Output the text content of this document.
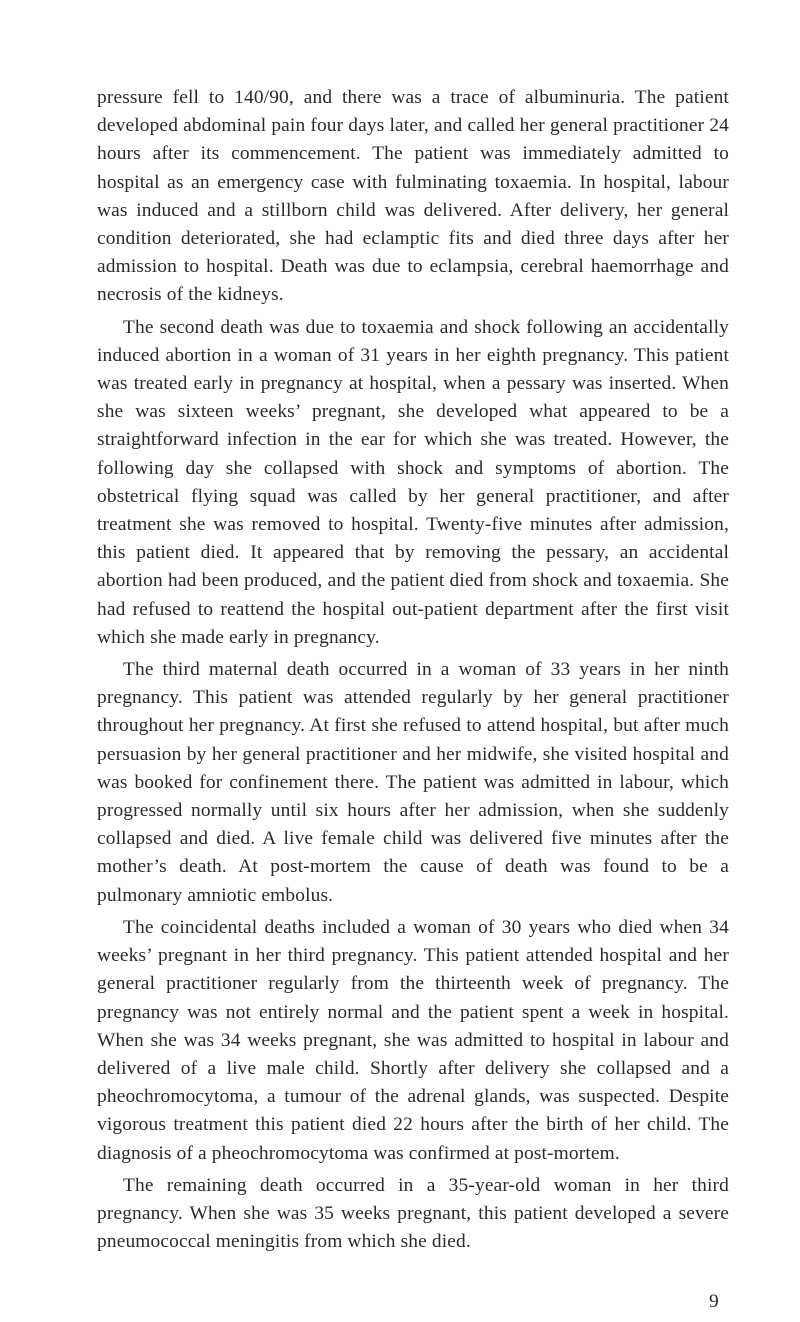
pressure fell to 140/90, and there was a trace of albuminuria. The patient developed abdominal pain four days later, and called her general practitioner 24 hours after its commencement. The patient was immediately admitted to hospital as an emergency case with fulminating toxaemia. In hospital, labour was induced and a stillborn child was delivered. After delivery, her general condition deteriorated, she had eclamptic fits and died three days after her admission to hospital. Death was due to eclampsia, cerebral haemorrhage and necrosis of the kidneys.

The second death was due to toxaemia and shock following an accidentally induced abortion in a woman of 31 years in her eighth pregnancy. This patient was treated early in pregnancy at hospital, when a pessary was inserted. When she was sixteen weeks’ pregnant, she developed what appeared to be a straightforward infection in the ear for which she was treated. However, the following day she collapsed with shock and symptoms of abortion. The obstetrical flying squad was called by her general practitioner, and after treatment she was removed to hospital. Twenty-five minutes after admission, this patient died. It appeared that by removing the pessary, an accidental abortion had been produced, and the patient died from shock and toxaemia. She had refused to reattend the hospital out-patient department after the first visit which she made early in pregnancy.

The third maternal death occurred in a woman of 33 years in her ninth pregnancy. This patient was attended regularly by her general practitioner throughout her pregnancy. At first she refused to attend hospital, but after much persuasion by her general practitioner and her midwife, she visited hospital and was booked for confinement there. The patient was admitted in labour, which progressed normally until six hours after her admission, when she suddenly collapsed and died. A live female child was delivered five minutes after the mother’s death. At post-mortem the cause of death was found to be a pulmonary amniotic embolus.

The coincidental deaths included a woman of 30 years who died when 34 weeks’ pregnant in her third pregnancy. This patient attended hospital and her general practitioner regularly from the thirteenth week of pregnancy. The pregnancy was not entirely normal and the patient spent a week in hospital. When she was 34 weeks pregnant, she was admitted to hospital in labour and delivered of a live male child. Shortly after delivery she collapsed and a pheochromocytoma, a tumour of the adrenal glands, was suspected. Despite vigorous treatment this patient died 22 hours after the birth of her child. The diagnosis of a pheochromocytoma was confirmed at post-mortem.

The remaining death occurred in a 35-year-old woman in her third pregnancy. When she was 35 weeks pregnant, this patient developed a severe pneumococcal meningitis from which she died.

9
